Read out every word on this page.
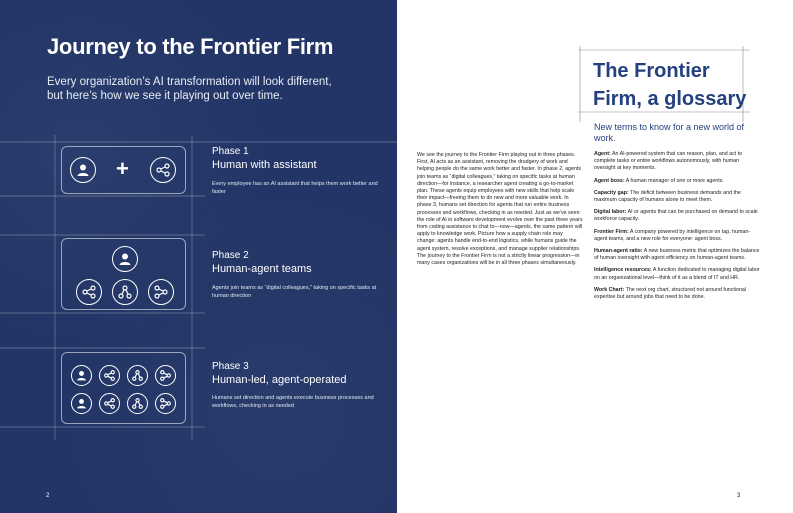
Journey to the Frontier Firm
Every organization’s AI transformation will look different, but here’s how we see it playing out over time.
+
Phase 1
Human with assistant
Every employee has an AI assistant that helps them work better and faster
Phase 2
Human-agent teams
Agents join teams as “digital colleagues,” taking on specific tasks at human direction
Phase 3
Human-led, agent-operated
Humans set direction and agents execute business processes and workflows, checking in as needed
2
We see the journey to the Frontier Firm playing out in three phases. First, AI acts as an assistant, removing the drudgery of work and helping people do the same work better and faster. In phase 2, agents join teams as “digital colleagues,” taking on specific tasks at human direction—for instance, a researcher agent creating a go-to-market plan. These agents equip employees with new skills that help scale their impact—freeing them to do new and more valuable work. In phase 3, humans set direction for agents that run entire business processes and workflows, checking in as needed. Just as we’ve seen the role of AI in software development evolve over the past three years from coding assistance to chat to—now—agents, the same pattern will apply to knowledge work. Picture how a supply chain role may change: agents handle end-to-end logistics, while humans guide the agent system, resolve exceptions, and manage supplier relationships. The journey to the Frontier Firm is not a strictly linear progression—in many cases organizations will be in all three phases simultaneously.
The Frontier Firm, a glossary
New terms to know for a new world of work.

Agent: An AI-powered system that can reason, plan, and act to complete tasks or entire workflows autonomously, with human oversight at key moments.

Agent boss: A human manager of one or more agents.

Capacity gap: The deficit between business demands and the maximum capacity of humans alone to meet them.

Digital labor: AI or agents that can be purchased on demand to scale workforce capacity.

Frontier Firm: A company powered by intelligence on tap, human-agent teams, and a new role for everyone: agent boss.

Human-agent ratio: A new business metric that optimizes the balance of human oversight with agent efficiency on human-agent teams.

Intelligence resources: A function dedicated to managing digital labor on an organizational level—think of it as a blend of IT and HR.

Work Chart: The next org chart, structured not around functional expertise but around jobs that need to be done.

3
